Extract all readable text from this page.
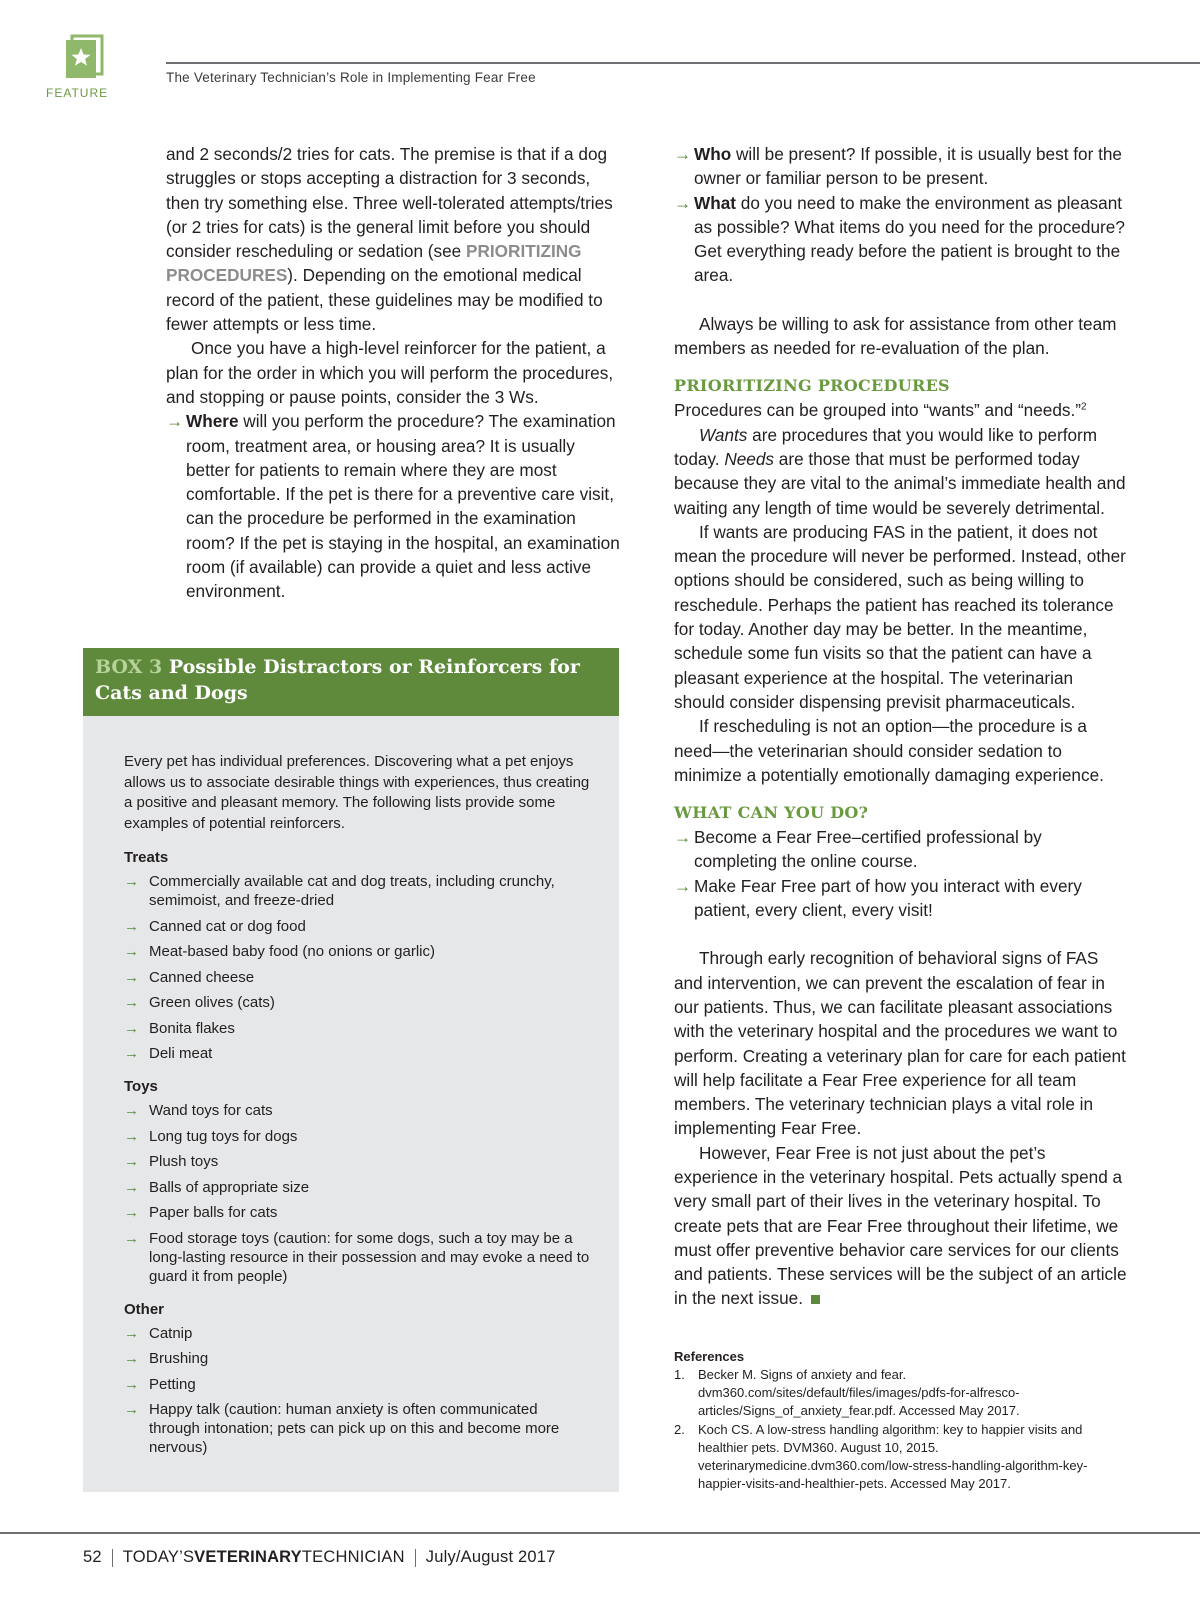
FEATURE
The Veterinary Technician’s Role in Implementing Fear Free

and 2 seconds/2 tries for cats. The premise is that if a dog struggles or stops accepting a distraction for 3 seconds, then try something else. Three well-tolerated attempts/tries (or 2 tries for cats) is the general limit before you should consider rescheduling or sedation (see PRIORITIZING PROCEDURES). Depending on the emotional medical record of the patient, these guidelines may be modified to fewer attempts or less time.

Once you have a high-level reinforcer for the patient, a plan for the order in which you will perform the procedures, and stopping or pause points, consider the 3 Ws.

→ Where will you perform the procedure? The examination room, treatment area, or housing area? It is usually better for patients to remain where they are most comfortable. If the pet is there for a preventive care visit, can the procedure be performed in the examination room? If the pet is staying in the hospital, an examination room (if available) can provide a quiet and less active environment.
BOX 3 Possible Distractors or Reinforcers for Cats and Dogs

Every pet has individual preferences. Discovering what a pet enjoys allows us to associate desirable things with experiences, thus creating a positive and pleasant memory. The following lists provide some examples of potential reinforcers.

Treats
→ Commercially available cat and dog treats, including crunchy, semimoist, and freeze-dried
→ Canned cat or dog food
→ Meat-based baby food (no onions or garlic)
→ Canned cheese
→ Green olives (cats)
→ Bonita flakes
→ Deli meat
Toys
→ Wand toys for cats
→ Long tug toys for dogs
→ Plush toys
→ Balls of appropriate size
→ Paper balls for cats
→ Food storage toys (caution: for some dogs, such a toy may be a long-lasting resource in their possession and may evoke a need to guard it from people)
Other
→ Catnip
→ Brushing
→ Petting
→ Happy talk (caution: human anxiety is often communicated through intonation; pets can pick up on this and become more nervous)
→ Who will be present? If possible, it is usually best for the owner or familiar person to be present.
→ What do you need to make the environment as pleasant as possible? What items do you need for the procedure? Get everything ready before the patient is brought to the area.

Always be willing to ask for assistance from other team members as needed for re-evaluation of the plan.

PRIORITIZING PROCEDURES

Procedures can be grouped into “wants” and “needs.”$^2$

Wants are procedures that you would like to perform today. Needs are those that must be performed today because they are vital to the animal’s immediate health and waiting any length of time would be severely detrimental.

If wants are producing FAS in the patient, it does not mean the procedure will never be performed. Instead, other options should be considered, such as being willing to reschedule. Perhaps the patient has reached its tolerance for today. Another day may be better. In the meantime, schedule some fun visits so that the patient can have a pleasant experience at the hospital. The veterinarian should consider dispensing previsit pharmaceuticals.

If rescheduling is not an option—the procedure is a need—the veterinarian should consider sedation to minimize a potentially emotionally damaging experience.

WHAT CAN YOU DO?
→ Become a Fear Free–certified professional by completing the online course.
→ Make Fear Free part of how you interact with every patient, every client, every visit!

Through early recognition of behavioral signs of FAS and intervention, we can prevent the escalation of fear in our patients. Thus, we can facilitate pleasant associations with the veterinary hospital and the procedures we want to perform. Creating a veterinary plan for care for each patient will help facilitate a Fear Free experience for all team members. The veterinary technician plays a vital role in implementing Fear Free.

However, Fear Free is not just about the pet’s experience in the veterinary hospital. Pets actually spend a very small part of their lives in the veterinary hospital. To create pets that are Fear Free throughout their lifetime, we must offer preventive behavior care services for our clients and patients. These services will be the subject of an article in the next issue.

References
1. Becker M. Signs of anxiety and fear. dvm360.com/sites/default/files/images/pdfs-for-alfresco-articles/Signs_of_anxiety_fear.pdf. Accessed May 2017.
2. Koch CS. A low-stress handling algorithm: key to happier visits and healthier pets. DVM360. August 10, 2015. veterinarymedicine.dvm360.com/low-stress-handling-algorithm-key-happier-visits-and-healthier-pets. Accessed May 2017.
52 TODAY’SVETERINARYTECHNICIAN July/August 2017
